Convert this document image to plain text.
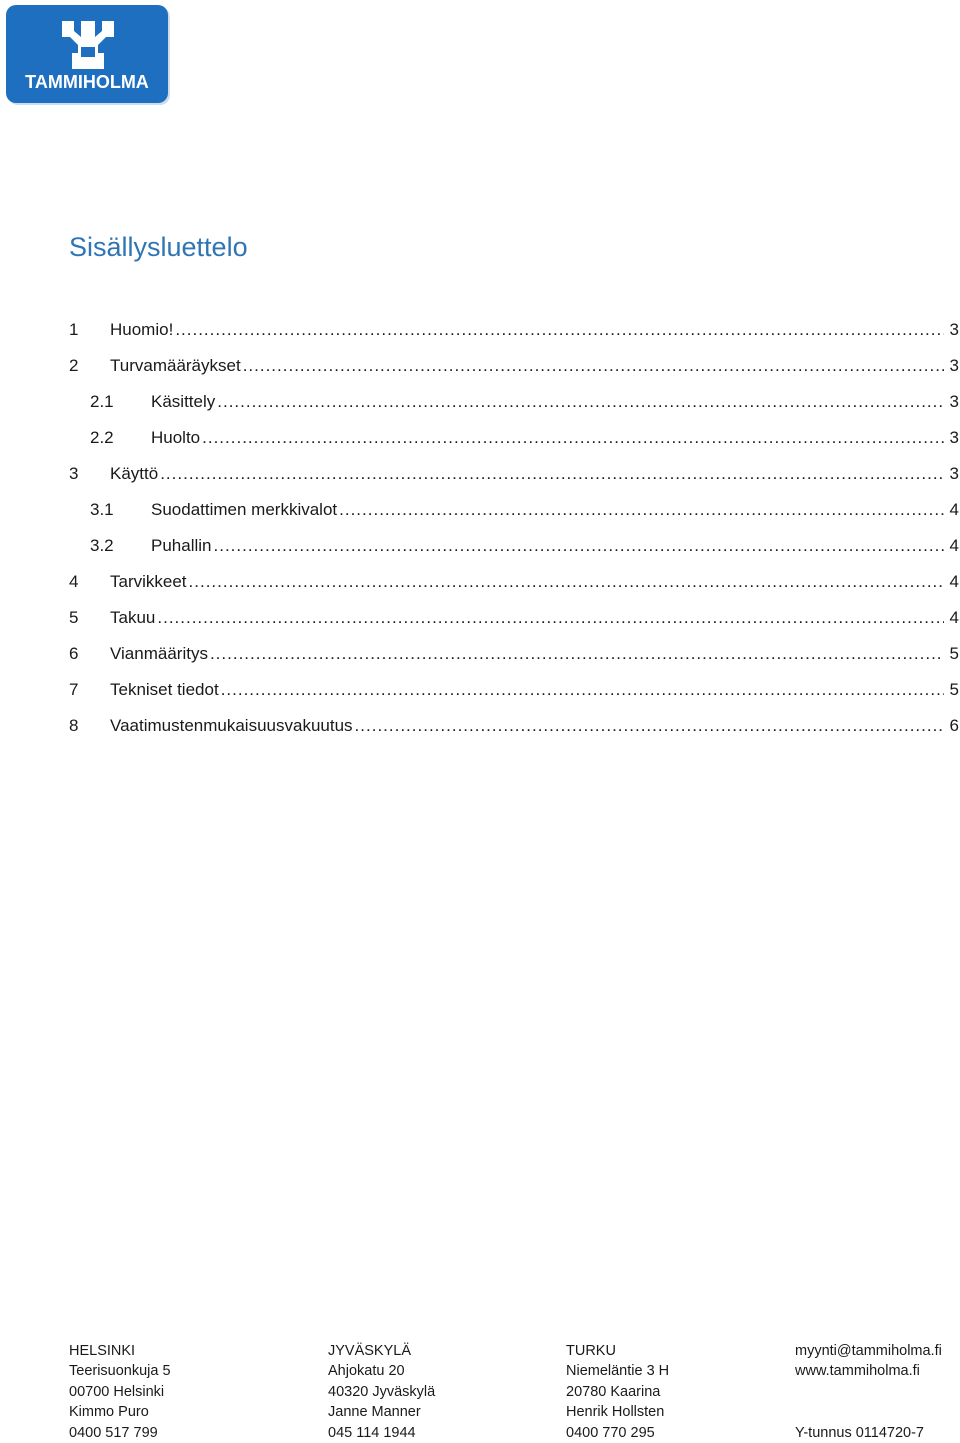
TAMMIHOLMA
Sisällysluettelo
1	Huomio! .....	3
2	Turvamääräykset .....	3
2.1	Käsittely .....	3
2.2	Huolto .....	3
3	Käyttö .....	3
3.1	Suodattimen merkkivalot .....	4
3.2	Puhallin .....	4
4	Tarvikkeet .....	4
5	Takuu .....	4
6	Vianmääritys .....	5
7	Tekniset tiedot .....	5
8	Vaatimustenmukaisuusvakuutus .....	6
HELSINKI
Teerisuonkuja 5
00700 Helsinki
Kimmo Puro
0400 517 799
JYVÄSKYLÄ
Ahjokatu 20
40320 Jyväskylä
Janne Manner
045 114 1944
TURKU
Niemeläntie 3 H
20780 Kaarina
Henrik Hollsten
0400 770 295
myynti@tammiholma.fi
www.tammiholma.fi
Y-tunnus 0114720-7
